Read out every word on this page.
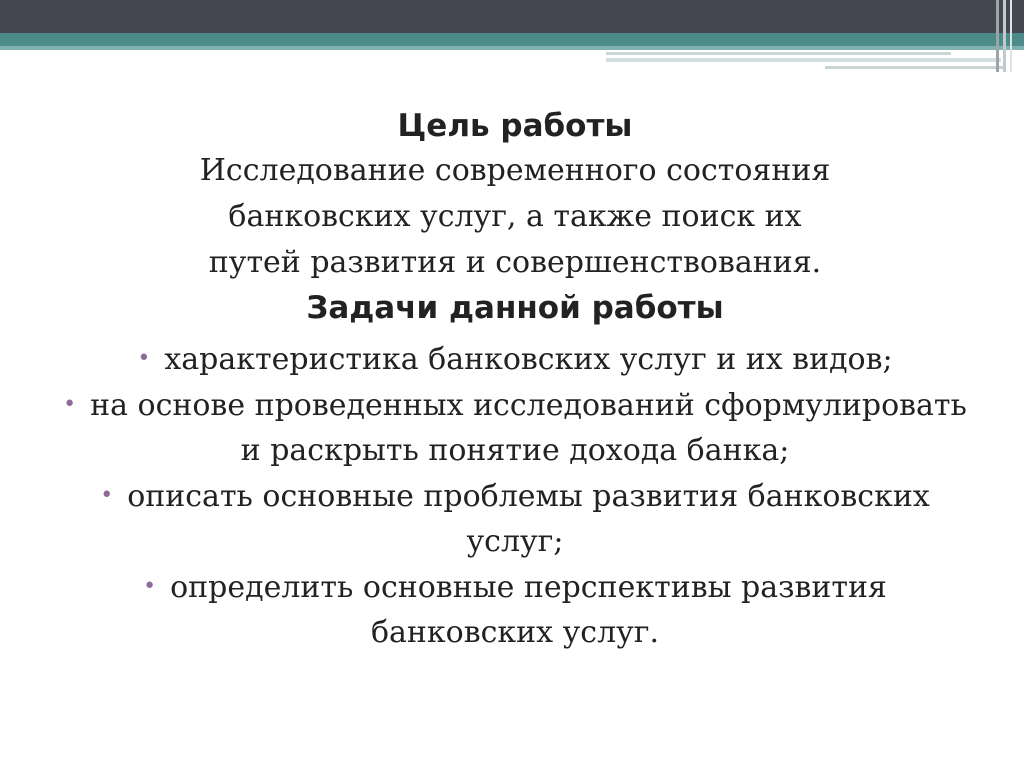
Цель работы

Исследование современного состояния банковских услуг, а также поиск их путей развития и совершенствования.

Задачи данной работы
• характеристика банковских услуг и их видов;
• на основе проведенных исследований сформулировать и раскрыть понятие дохода банка;
• описать основные проблемы развития банковских услуг;
• определить основные перспективы развития банковских услуг.
